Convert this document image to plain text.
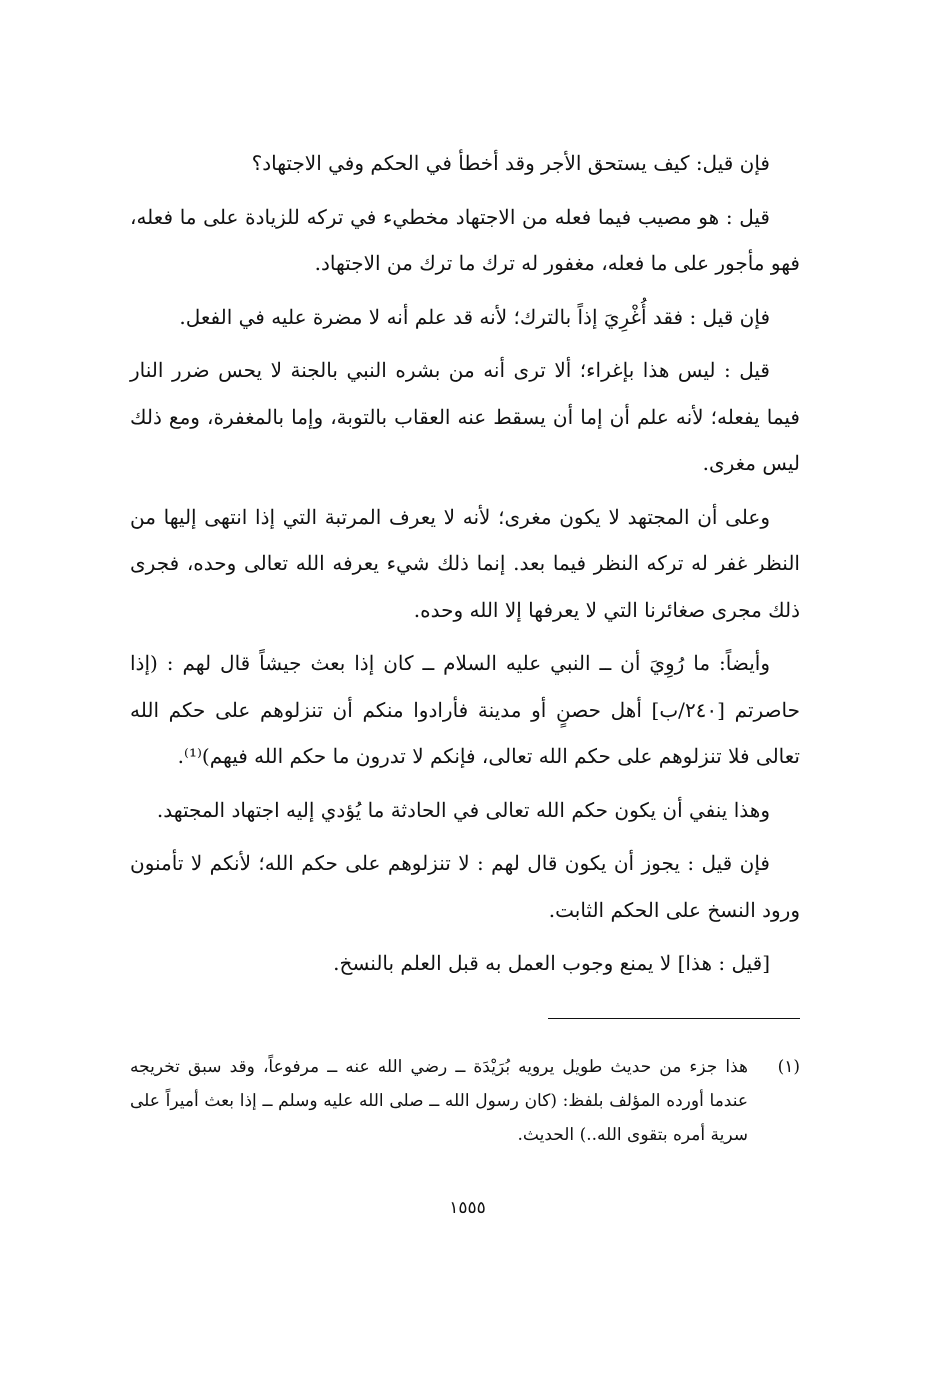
فإن قيل: كيف يستحق الأجر وقد أخطأ في الحكم وفي الاجتهاد؟

قيل : هو مصيب فيما فعله من الاجتهاد مخطيء في تركه للزيادة على ما فعله، فهو مأجور على ما فعله، مغفور له ترك ما ترك من الاجتهاد.

فإن قيل : فقد أُغْرِيَ إذاً بالترك؛ لأنه قد علم أنه لا مضرة عليه في الفعل.

قيل : ليس هذا بإغراء؛ ألا ترى أنه من بشره النبي بالجنة لا يحس ضرر النار فيما يفعله؛ لأنه علم أن إما أن يسقط عنه العقاب بالتوبة، وإما بالمغفرة، ومع ذلك ليس مغرى.

وعلى أن المجتهد لا يكون مغرى؛ لأنه لا يعرف المرتبة التي إذا انتهى إليها من النظر غفر له تركه النظر فيما بعد. إنما ذلك شيء يعرفه الله تعالى وحده، فجرى ذلك مجرى صغائرنا التي لا يعرفها إلا الله وحده.

وأيضاً: ما رُوِيَ أن ــ النبي عليه السلام ــ كان إذا بعث جيشاً قال لهم : (إذا حاصرتم [٢٤٠/ب] أهل حصنٍ أو مدينة فأرادوا منكم أن تنزلوهم على حكم الله تعالى فلا تنزلوهم على حكم الله تعالى، فإنكم لا تدرون ما حكم الله فيهم)⁽¹⁾.

وهذا ينفي أن يكون حكم الله تعالى في الحادثة ما يُؤدي إليه اجتهاد المجتهد.

فإن قيل : يجوز أن يكون قال لهم : لا تنزلوهم على حكم الله؛ لأنكم لا تأمنون ورود النسخ على الحكم الثابت.

[قيل : هذا] لا يمنع وجوب العمل به قبل العلم بالنسخ.

(١)
هذا جزء من حديث طويل يرويه بُرَيْدَة ــ رضي الله عنه ــ مرفوعاً، وقد سبق تخريجه عندما أورده المؤلف بلفظ: (كان رسول الله ــ صلى الله عليه وسلم ــ إذا بعث أميراً على سرية أمره بتقوى الله..) الحديث.
١٥٥٥
